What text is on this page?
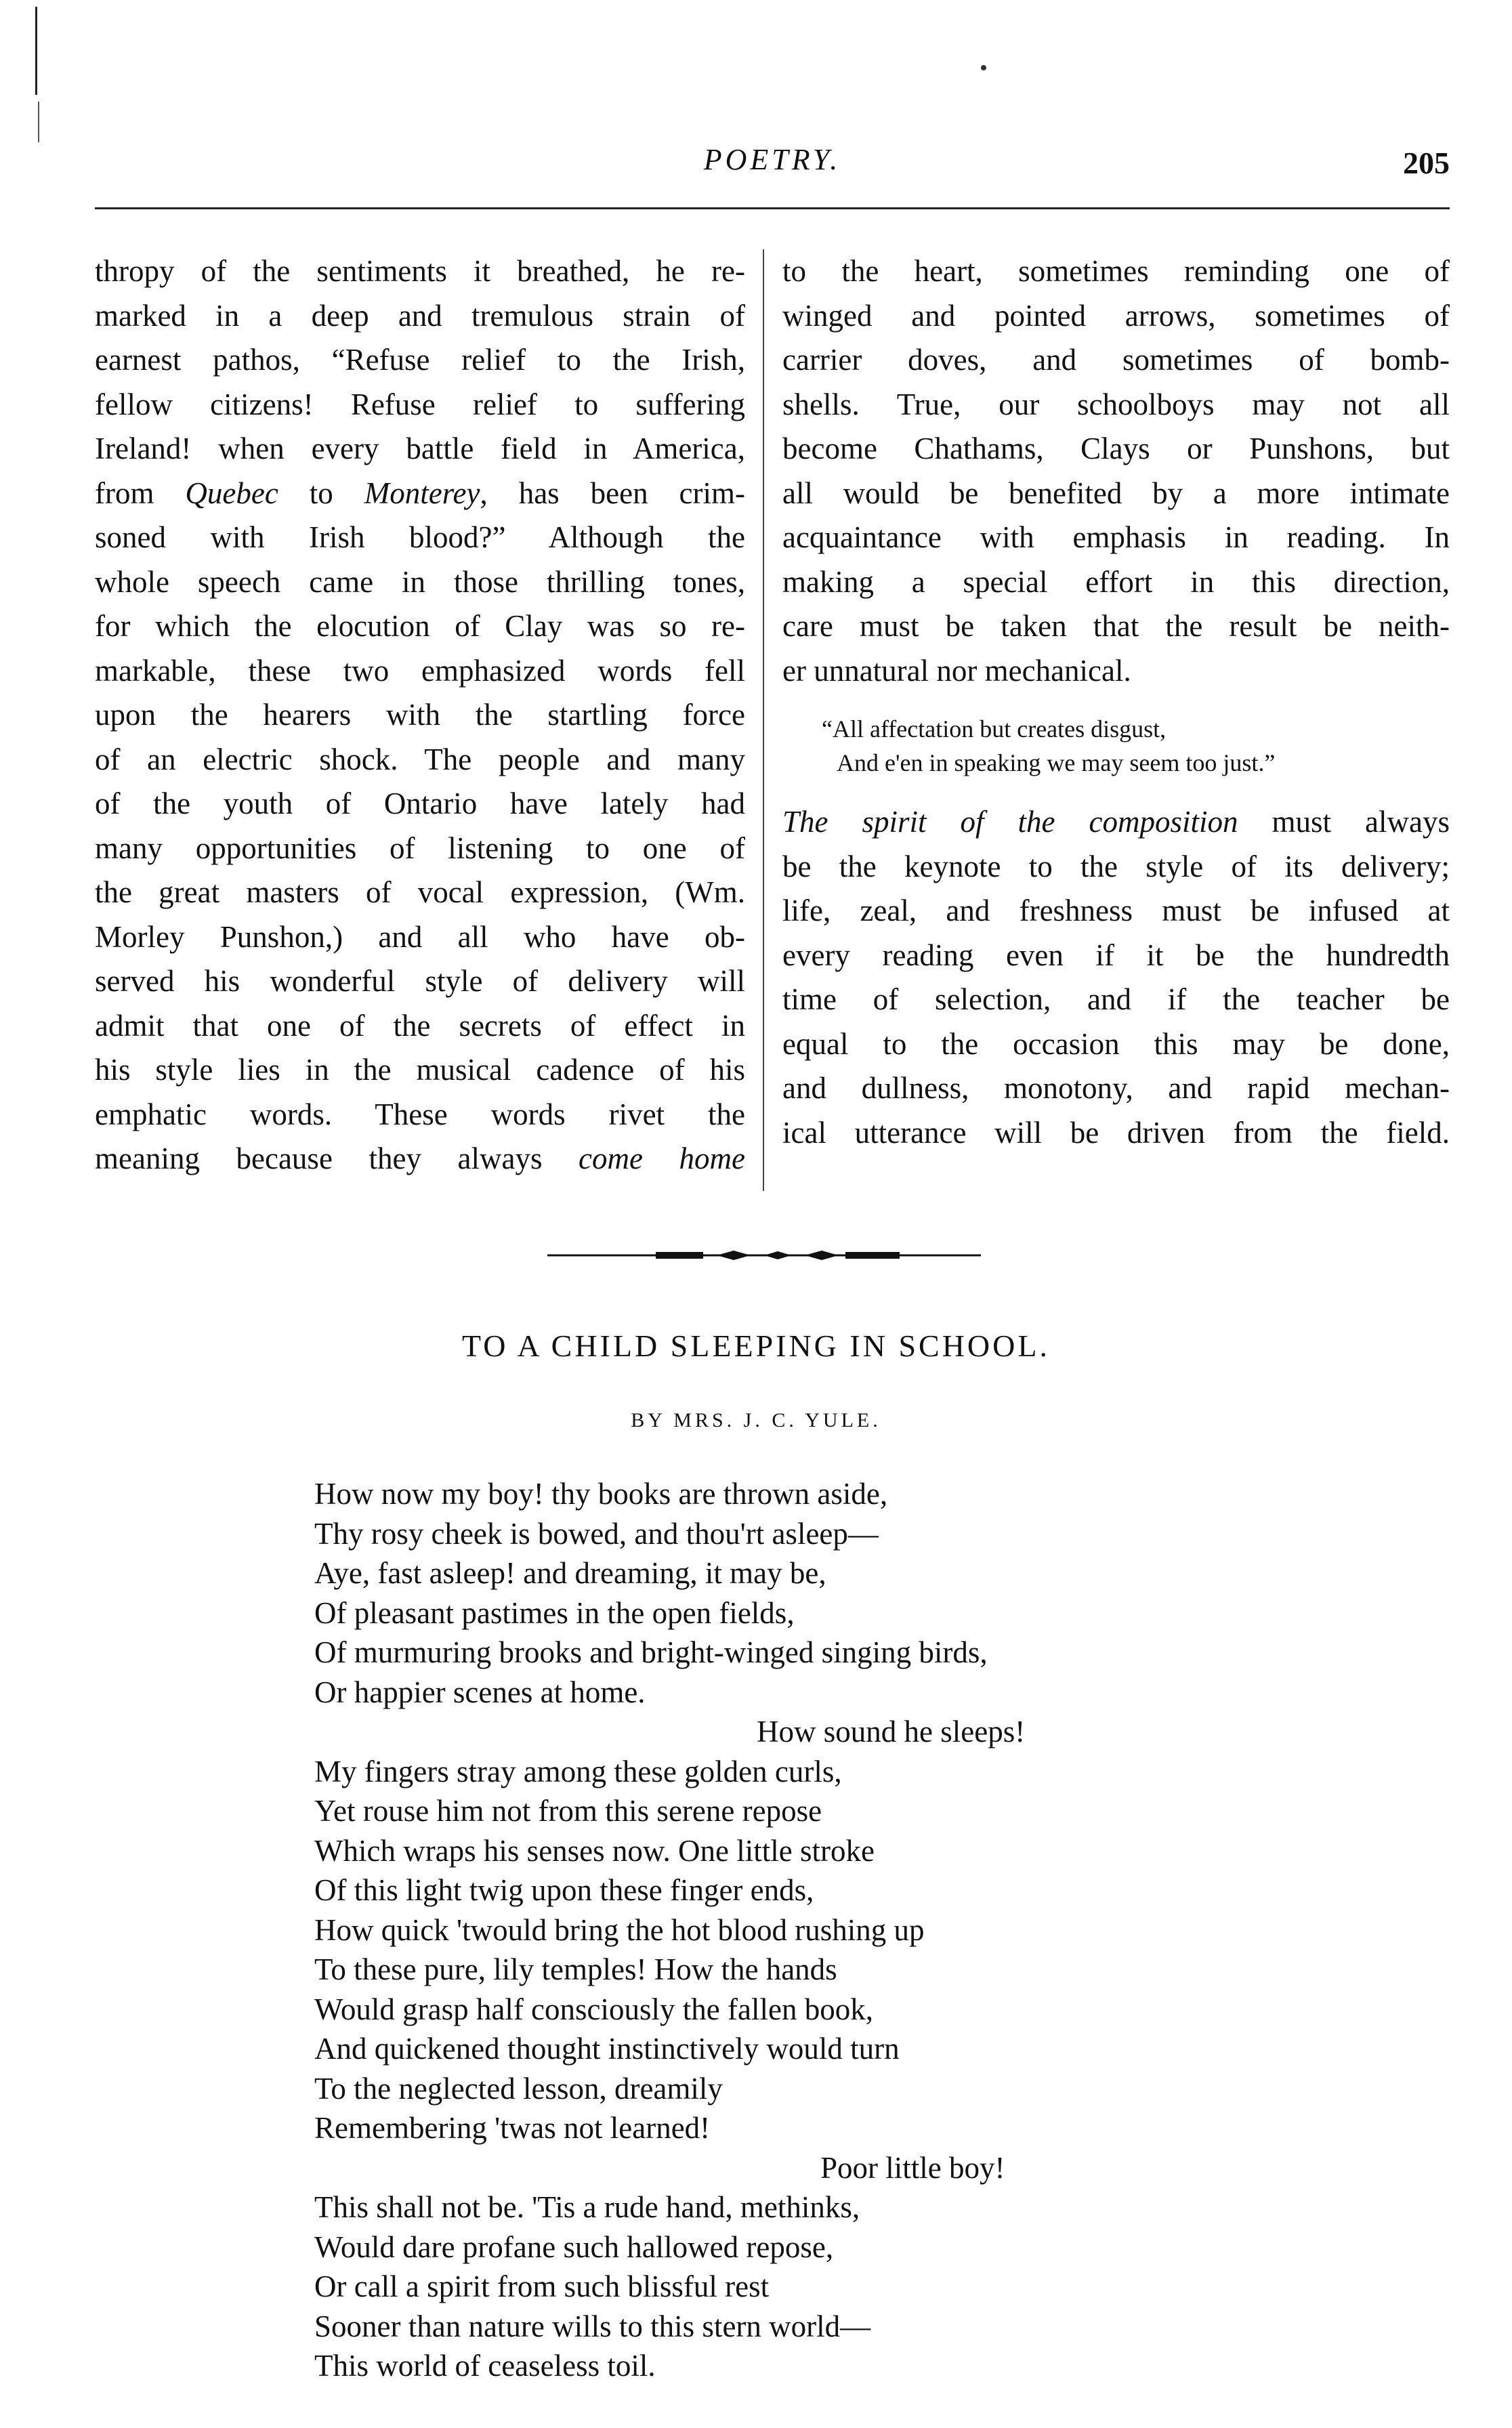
POETRY.	205

thropy of the sentiments it breathed, he re-
marked in a deep and tremulous strain of
earnest pathos, “Refuse relief to the Irish,
fellow citizens! Refuse relief to suffering
Ireland! when every battle field in America,
from Quebec to Monterey, has been crim-
soned with Irish blood?” Although the
whole speech came in those thrilling tones,
for which the elocution of Clay was so re-
markable, these two emphasized words fell
upon the hearers with the startling force
of an electric shock. The people and many
of the youth of Ontario have lately had
many opportunities of listening to one of
the great masters of vocal expression, (Wm.
Morley Punshon,) and all who have ob-
served his wonderful style of delivery will
admit that one of the secrets of effect in
his style lies in the musical cadence of his
emphatic words. These words rivet the
meaning because they always come home

to the heart, sometimes reminding one of
winged and pointed arrows, sometimes of
carrier doves, and sometimes of bomb-
shells. True, our schoolboys may not all
become Chathams, Clays or Punshons, but
all would be benefited by a more intimate
acquaintance with emphasis in reading. In
making a special effort in this direction,
care must be taken that the result be neith-
er unnatural nor mechanical.

“All affectation but creates disgust,
And e'en in speaking we may seem too just.”

The spirit of the composition must always
be the keynote to the style of its delivery;
life, zeal, and freshness must be infused at
every reading even if it be the hundredth
time of selection, and if the teacher be
equal to the occasion this may be done,
and dullness, monotony, and rapid mechan-
ical utterance will be driven from the field.

TO A CHILD SLEEPING IN SCHOOL.
BY MRS. J. C. YULE.
How now my boy! thy books are thrown aside,
Thy rosy cheek is bowed, and thou'rt asleep—
Aye, fast asleep! and dreaming, it may be,
Of pleasant pastimes in the open fields,
Of murmuring brooks and bright-winged singing birds,
Or happier scenes at home.
How sound he sleeps!
My fingers stray among these golden curls,
Yet rouse him not from this serene repose
Which wraps his senses now. One little stroke
Of this light twig upon these finger ends,
How quick 'twould bring the hot blood rushing up
To these pure, lily temples! How the hands
Would grasp half consciously the fallen book,
And quickened thought instinctively would turn
To the neglected lesson, dreamily
Remembering 'twas not learned!
Poor little boy!
This shall not be. 'Tis a rude hand, methinks,
Would dare profane such hallowed repose,
Or call a spirit from such blissful rest
Sooner than nature wills to this stern world—
This world of ceaseless toil.
